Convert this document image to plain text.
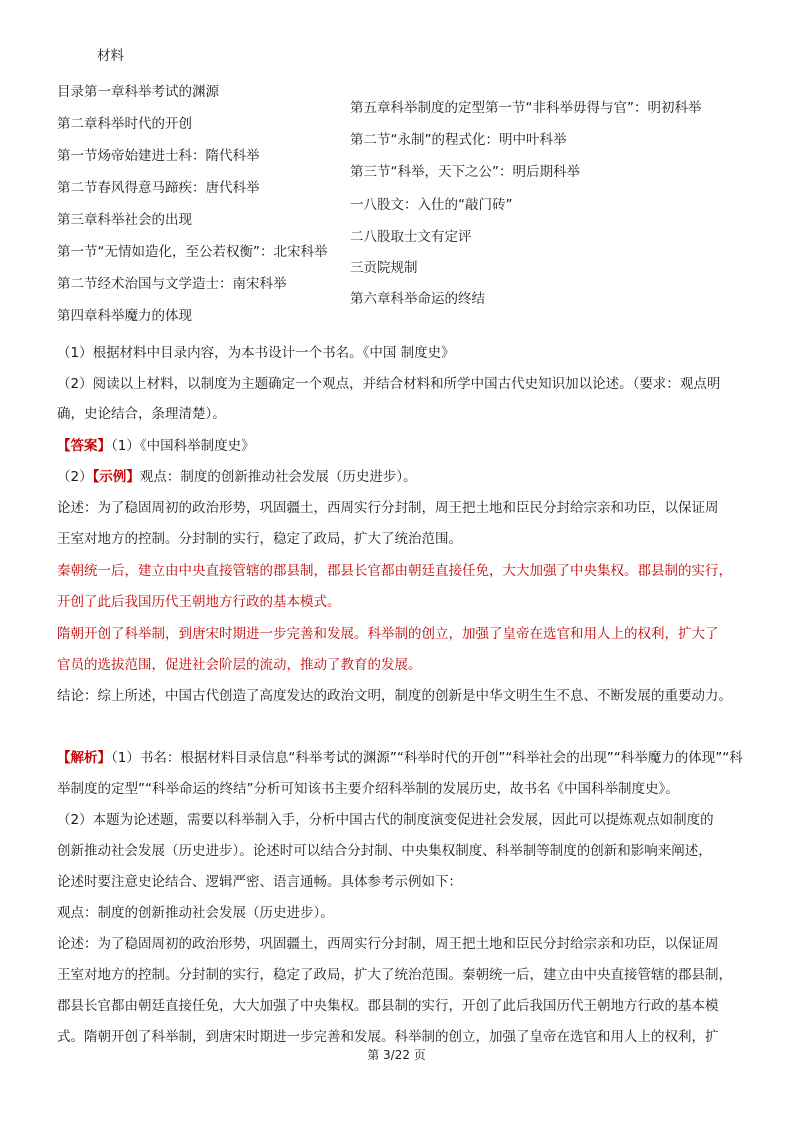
材料
目录第一章科举考试的渊源
第二章科举时代的开创
第一节炀帝始建进士科：隋代科举
第二节春风得意马蹄疾：唐代科举
第三章科举社会的出现
第一节“无情如造化，至公若权衡”：北宋科举
第二节经术治国与文学造士：南宋科举
第四章科举魔力的体现
第五章科举制度的定型第一节“非科举毋得与官”：明初科举
第二节“永制”的程式化：明中叶科举
第三节“科举，天下之公”：明后期科举
一八股文：入仕的“敲门砖”
二八股取士文有定评
三贡院规制
第六章科举命运的终结
（1）根据材料中目录内容，为本书设计一个书名。《中国 制度史》
（2）阅读以上材料，以制度为主题确定一个观点，并结合材料和所学中国古代史知识加以论述。（要求：观点明
确，史论结合，条理清楚）。
【答案】（1）《中国科举制度史》
（2）【示例】观点：制度的创新推动社会发展（历史进步）。
论述：为了稳固周初的政治形势，巩固疆土，西周实行分封制，周王把土地和臣民分封给宗亲和功臣，以保证周
王室对地方的控制。分封制的实行，稳定了政局，扩大了统治范围。
秦朝统一后，建立由中央直接管辖的郡县制，郡县长官都由朝廷直接任免，大大加强了中央集权。郡县制的实行，
开创了此后我国历代王朝地方行政的基本模式。
隋朝开创了科举制，到唐宋时期进一步完善和发展。科举制的创立，加强了皇帝在选官和用人上的权利，扩大了
官员的选拔范围，促进社会阶层的流动，推动了教育的发展。
结论：综上所述，中国古代创造了高度发达的政治文明，制度的创新是中华文明生生不息、不断发展的重要动力。
【解析】（1）书名：根据材料目录信息“科举考试的渊源”“科举时代的开创”“科举社会的出现”“科举魔力的体现”“科
举制度的定型”“科举命运的终结”分析可知该书主要介绍科举制的发展历史，故书名《中国科举制度史》。
（2）本题为论述题，需要以科举制入手，分析中国古代的制度演变促进社会发展，因此可以提炼观点如制度的
创新推动社会发展（历史进步）。论述时可以结合分封制、中央集权制度、科举制等制度的创新和影响来阐述，
论述时要注意史论结合、逻辑严密、语言通畅。具体参考示例如下：
观点：制度的创新推动社会发展（历史进步）。
论述：为了稳固周初的政治形势，巩固疆土，西周实行分封制，周王把土地和臣民分封给宗亲和功臣，以保证周
王室对地方的控制。分封制的实行，稳定了政局，扩大了统治范围。秦朝统一后，建立由中央直接管辖的郡县制，
郡县长官都由朝廷直接任免，大大加强了中央集权。郡县制的实行，开创了此后我国历代王朝地方行政的基本模
式。隋朝开创了科举制，到唐宋时期进一步完善和发展。科举制的创立，加强了皇帝在选官和用人上的权利，扩
第 3/22 页
